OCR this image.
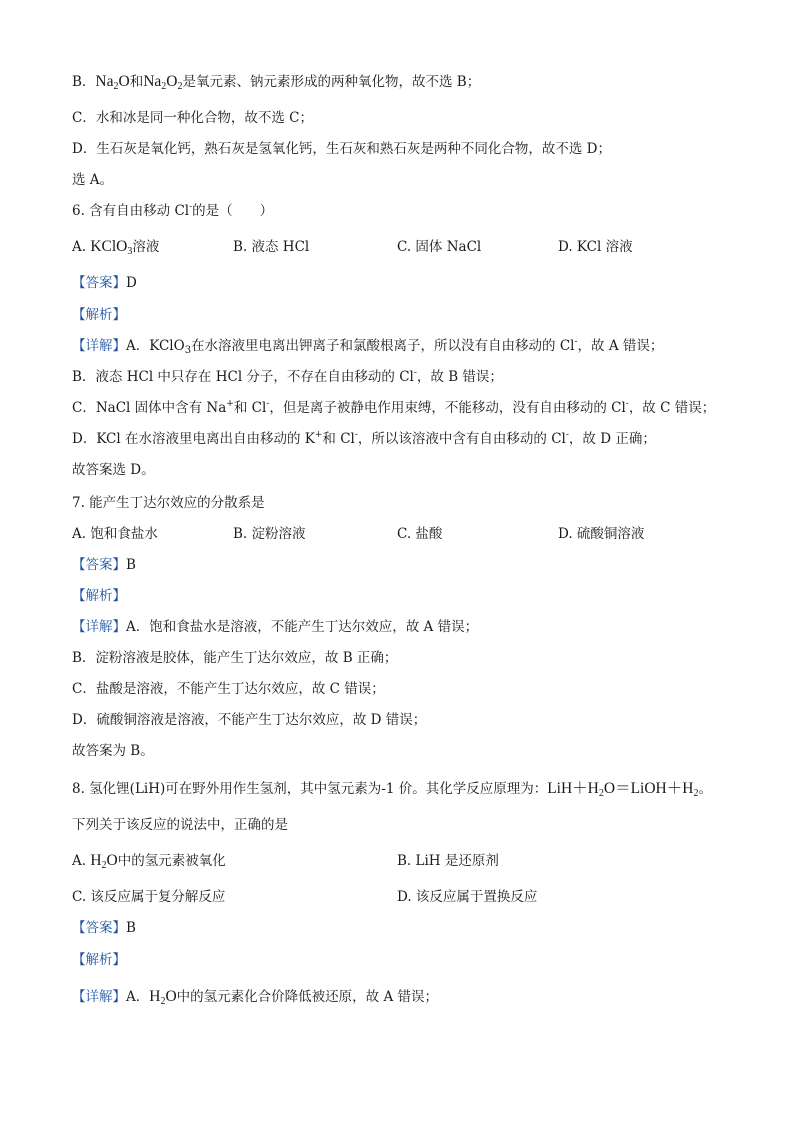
B．$Na_2O$和$Na_2O_2$是氧元素、钠元素形成的两种氧化物，故不选 B；
C．水和冰是同一种化合物，故不选 C；
D．生石灰是氧化钙，熟石灰是氢氧化钙，生石灰和熟石灰是两种不同化合物，故不选 D；
选 A。
6. 含有自由移动 Cl-的是（　　）
A. KClO$_3$溶液	B. 液态 HCl	C. 固体 NaCl	D. KCl 溶液
【答案】D
【解析】
【详解】A．KClO$_3$在水溶液里电离出钾离子和氯酸根离子，所以没有自由移动的 Cl-，故 A 错误；
B．液态 HCl 中只存在 HCl 分子，不存在自由移动的 Cl-，故 B 错误；
C．NaCl 固体中含有 Na+和 Cl-，但是离子被静电作用束缚，不能移动，没有自由移动的 Cl-，故 C 错误；
D．KCl 在水溶液里电离出自由移动的 K+和 Cl-，所以该溶液中含有自由移动的 Cl-，故 D 正确；
故答案选 D。
7. 能产生丁达尔效应的分散系是
A. 饱和食盐水	B. 淀粉溶液	C. 盐酸	D. 硫酸铜溶液
【答案】B
【解析】
【详解】A．饱和食盐水是溶液，不能产生丁达尔效应，故 A 错误；
B．淀粉溶液是胶体，能产生丁达尔效应，故 B 正确；
C．盐酸是溶液，不能产生丁达尔效应，故 C 错误；
D．硫酸铜溶液是溶液，不能产生丁达尔效应，故 D 错误；
故答案为 B。
8. 氢化锂(LiH)可在野外用作生氢剂，其中氢元素为-1 价。其化学反应原理为：$LiH+H_2O=LiOH+H_2$。
下列关于该反应的说法中，正确的是
A. $H_2O$中的氢元素被氧化	B. LiH 是还原剂
C. 该反应属于复分解反应	D. 该反应属于置换反应
【答案】B
【解析】
【详解】A．$H_2O$中的氢元素化合价降低被还原，故 A 错误；
